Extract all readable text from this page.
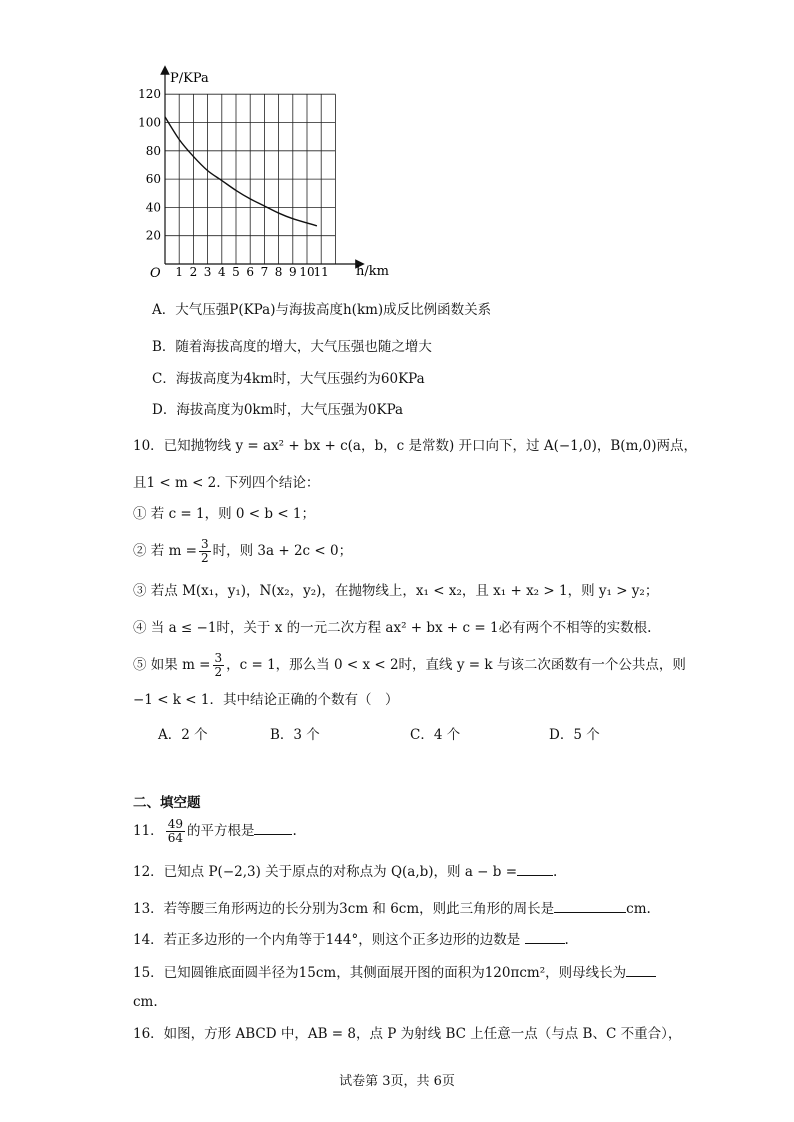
P/KPa
h/km
O 1 2 3 4 5 6 7 8 9 10
11
20
40
60
80
100
120
A．大气压强P(KPa)与海拔高度h(km)成反比例函数关系
B．随着海拔高度的增大，大气压强也随之增大
C．海拔高度为4km时，大气压强约为60KPa
D．海拔高度为0km时，大气压强为0KPa
10．已知抛物线 y = ax² + bx + c(a，b，c 是常数) 开口向下，过 A(−1,0)，B(m,0)两点，
且1 < m < 2. 下列四个结论：
① 若 c = 1，则 0 < b < 1；
② 若 $m = \frac{3}{2}$ 时，则 3a + 2c < 0；
③ 若点 M(x₁，y₁)，N(x₂，y₂)，在抛物线上，x₁ < x₂，且 x₁ + x₂ > 1，则 y₁ > y₂；
④ 当 a ≤ −1时，关于 x 的一元二次方程 ax² + bx + c = 1必有两个不相等的实数根.
⑤ 如果 $m = \frac{3}{2}$ ，c = 1，那么当 0 < x < 2时，直线 y = k 与该二次函数有一个公共点，则
−1 < k < 1．其中结论正确的个数有（　）
A．2 个	B．3 个	C．4 个	D．5 个
二、填空题
11． $\frac{49}{64}$ 的平方根是	.
12．已知点 P(−2,3) 关于原点的对称点为 Q(a,b)，则 a − b =	.
13．若等腰三角形两边的长分别为3cm 和 6cm，则此三角形的周长是	cm.
14．若正多边形的一个内角等于144°，则这个正多边形的边数是	.
15．已知圆锥底面圆半径为15cm，其侧面展开图的面积为120πcm²，则母线长为
cm.
16．如图，方形 ABCD 中，AB = 8，点 P 为射线 BC 上任意一点（与点 B、C 不重合），
试卷第 3页，共 6页
